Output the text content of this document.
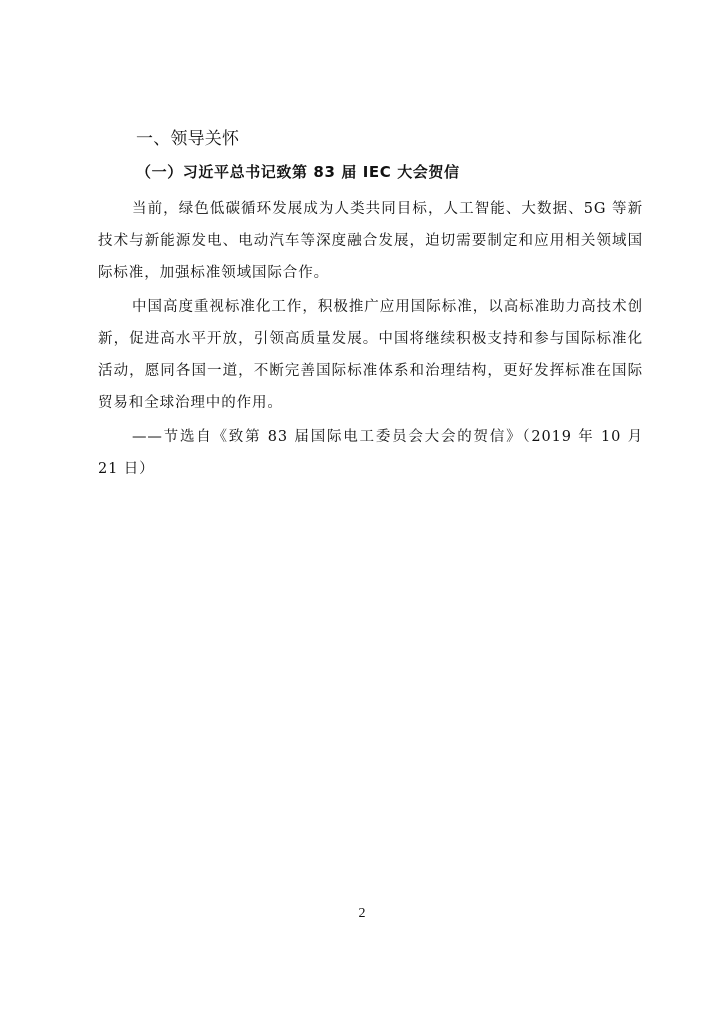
一、领导关怀
（一）习近平总书记致第 83 届 IEC 大会贺信

当前，绿色低碳循环发展成为人类共同目标，人工智能、大数据、5G 等新技术与新能源发电、电动汽车等深度融合发展，迫切需要制定和应用相关领域国际标准，加强标准领域国际合作。

中国高度重视标准化工作，积极推广应用国际标准，以高标准助力高技术创新，促进高水平开放，引领高质量发展。中国将继续积极支持和参与国际标准化活动，愿同各国一道，不断完善国际标准体系和治理结构，更好发挥标准在国际贸易和全球治理中的作用。

——节选自《致第 83 届国际电工委员会大会的贺信》（2019 年 10 月 21 日）

2
